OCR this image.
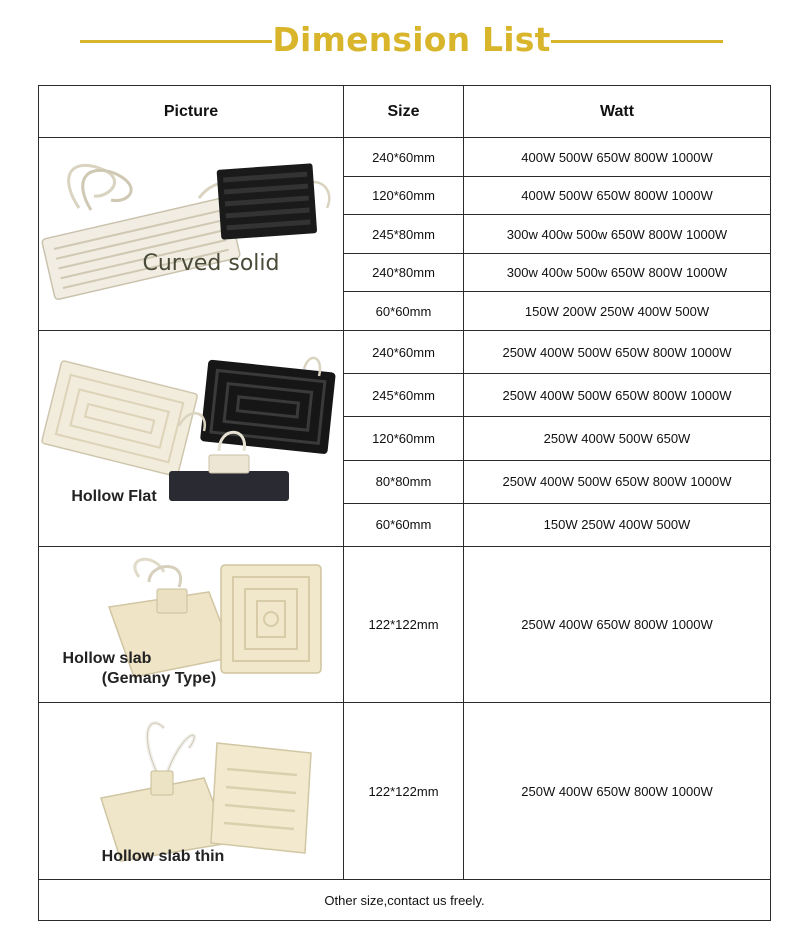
Dimension List
Picture	Size	Watt

Curved solid	240*60mm	400W 500W 650W 800W 1000W
	120*60mm	400W 500W 650W 800W 1000W
	245*80mm	300w 400w 500w 650W 800W 1000W
	240*80mm	300w 400w 500w 650W 800W 1000W
	60*60mm	150W 200W 250W 400W 500W

Hollow Flat	240*60mm	250W 400W 500W 650W 800W 1000W
	245*60mm	250W 400W 500W 650W 800W 1000W
	120*60mm	250W 400W 500W 650W
	80*80mm	250W 400W 500W 650W 800W 1000W
	60*60mm	150W 250W 400W 500W

Hollow slab
(Gemany Type)	122*122mm	250W 400W 650W 800W 1000W

Hollow slab thin	122*122mm	250W 400W 650W 800W 1000W
Other size,contact us freely.		
